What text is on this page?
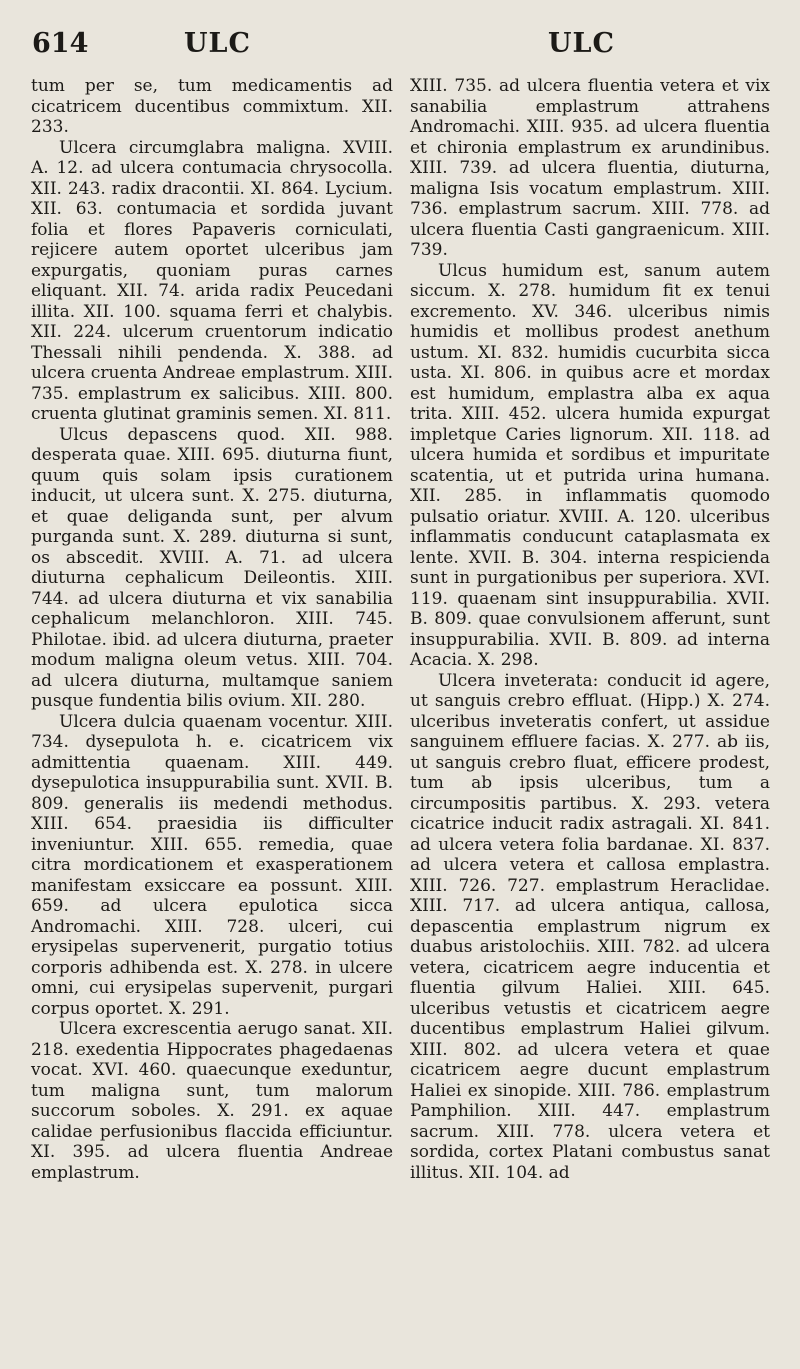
614	ULC	ULC

tum per se, tum medicamentis ad cicatricem ducentibus commixtum. XII. 233.

Ulcera circumglabra maligna. XVIII. A. 12. ad ulcera contumacia chrysocolla. XII. 243. radix dracontii. XI. 864. Lycium. XII. 63. contumacia et sordida juvant folia et flores Papaveris corniculati, rejicere autem oportet ulceribus jam expurgatis, quoniam puras carnes eliquant. XII. 74. arida radix Peucedani illita. XII. 100. squama ferri et chalybis. XII. 224. ulcerum cruentorum indicatio Thessali nihili pendenda. X. 388. ad ulcera cruenta Andreae emplastrum. XIII. 735. emplastrum ex salicibus. XIII. 800. cruenta glutinat graminis semen. XI. 811.

Ulcus depascens quod. XII. 988. desperata quae. XIII. 695. diuturna fiunt, quum quis solam ipsis curationem inducit, ut ulcera sunt. X. 275. diuturna, et quae deliganda sunt, per alvum purganda sunt. X. 289. diuturna si sunt, os abscedit. XVIII. A. 71. ad ulcera diuturna cephalicum Deileontis. XIII. 744. ad ulcera diuturna et vix sanabilia cephalicum melanchloron. XIII. 745. Philotae. ibid. ad ulcera diuturna, praeter modum maligna oleum vetus. XIII. 704. ad ulcera diuturna, multamque saniem pusque fundentia bilis ovium. XII. 280.

Ulcera dulcia quaenam vocentur. XIII. 734. dysepulota h. e. cicatricem vix admittentia quaenam. XIII. 449. dysepulotica insuppurabilia sunt. XVII. B. 809. generalis iis medendi methodus. XIII. 654. praesidia iis difficulter inveniuntur. XIII. 655. remedia, quae citra mordicationem et exasperationem manifestam exsiccare ea possunt. XIII. 659. ad ulcera epulotica sicca Andromachi. XIII. 728. ulceri, cui erysipelas supervenerit, purgatio totius corporis adhibenda est. X. 278. in ulcere omni, cui erysipelas supervenit, purgari corpus oportet. X. 291.

Ulcera excrescentia aerugo sanat. XII. 218. exedentia Hippocrates phagedaenas vocat. XVI. 460. quaecunque exeduntur, tum maligna sunt, tum malorum succorum soboles. X. 291. ex aquae calidae perfusionibus flaccida efficiuntur. XI. 395. ad ulcera fluentia Andreae emplastrum.

XIII. 735. ad ulcera fluentia vetera et vix sanabilia emplastrum attrahens Andromachi. XIII. 935. ad ulcera fluentia et chironia emplastrum ex arundinibus. XIII. 739. ad ulcera fluentia, diuturna, maligna Isis vocatum emplastrum. XIII. 736. emplastrum sacrum. XIII. 778. ad ulcera fluentia Casti gangraenicum. XIII. 739.

Ulcus humidum est, sanum autem siccum. X. 278. humidum fit ex tenui excremento. XV. 346. ulceribus nimis humidis et mollibus prodest anethum ustum. XI. 832. humidis cucurbita sicca usta. XI. 806. in quibus acre et mordax est humidum, emplastra alba ex aqua trita. XIII. 452. ulcera humida expurgat impletque Caries lignorum. XII. 118. ad ulcera humida et sordibus et impuritate scatentia, ut et putrida urina humana. XII. 285. in inflammatis quomodo pulsatio oriatur. XVIII. A. 120. ulceribus inflammatis conducunt cataplasmata ex lente. XVII. B. 304. interna respicienda sunt in purgationibus per superiora. XVI. 119. quaenam sint insuppurabilia. XVII. B. 809. quae convulsionem afferunt, sunt insuppurabilia. XVII. B. 809. ad interna Acacia. X. 298.

Ulcera inveterata: conducit id agere, ut sanguis crebro effluat. (Hipp.) X. 274. ulceribus inveteratis confert, ut assidue sanguinem effluere facias. X. 277. ab iis, ut sanguis crebro fluat, efficere prodest, tum ab ipsis ulceribus, tum a circumpositis partibus. X. 293. vetera cicatrice inducit radix astragali. XI. 841. ad ulcera vetera folia bardanae. XI. 837. ad ulcera vetera et callosa emplastra. XIII. 726. 727. emplastrum Heraclidae. XIII. 717. ad ulcera antiqua, callosa, depascentia emplastrum nigrum ex duabus aristolochiis. XIII. 782. ad ulcera vetera, cicatricem aegre inducentia et fluentia gilvum Haliei. XIII. 645. ulceribus vetustis et cicatricem aegre ducentibus emplastrum Haliei gilvum. XIII. 802. ad ulcera vetera et quae cicatricem aegre ducunt emplastrum Haliei ex sinopide. XIII. 786. emplastrum Pamphilion. XIII. 447. emplastrum sacrum. XIII. 778. ulcera vetera et sordida, cortex Platani combustus sanat illitus. XII. 104. ad
